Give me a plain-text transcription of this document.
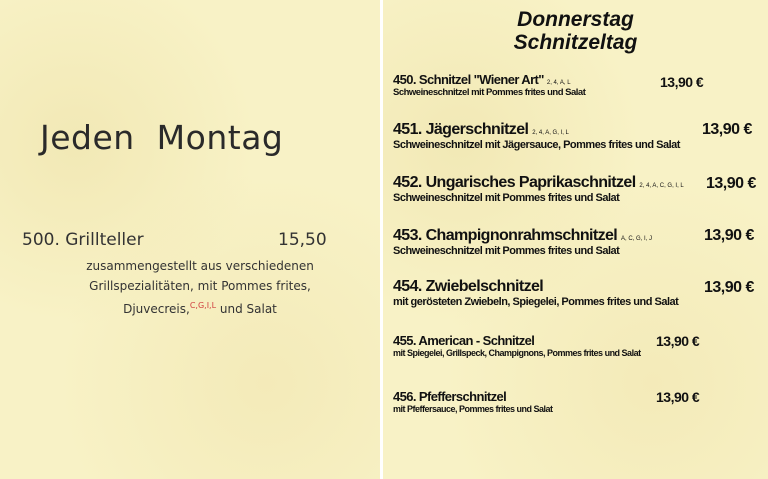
Jeden  Montag
500. Grillteller	15,50
zusammengestellt aus verschiedenen
Grillspezialitäten, mit Pommes frites,
Djuvecreis,$^{C,G,I,L}$ und Salat
Donnerstag
Schnitzeltag
450. Schnitzel "Wiener Art" 2, 4, A, L
Schweineschnitzel mit Pommes frites und Salat
13,90 €
451. Jägerschnitzel 2, 4, A, G, I, L
Schweineschnitzel mit Jägersauce, Pommes frites und Salat
13,90 €
452. Ungarisches Paprikaschnitzel 2, 4, A, C, G, I, L
Schweineschnitzel mit Pommes frites und Salat
13,90 €
453. Champignonrahmschnitzel A, C, G, I, J
Schweineschnitzel mit Pommes frites und Salat
13,90 €
454. Zwiebelschnitzel
mit gerösteten Zwiebeln, Spiegelei, Pommes frites und Salat
13,90 €
455. American - Schnitzel
mit Spiegelei, Grillspeck, Champignons, Pommes frites und Salat
13,90 €
456. Pfefferschnitzel
mit Pfeffersauce, Pommes frites und Salat
13,90 €
